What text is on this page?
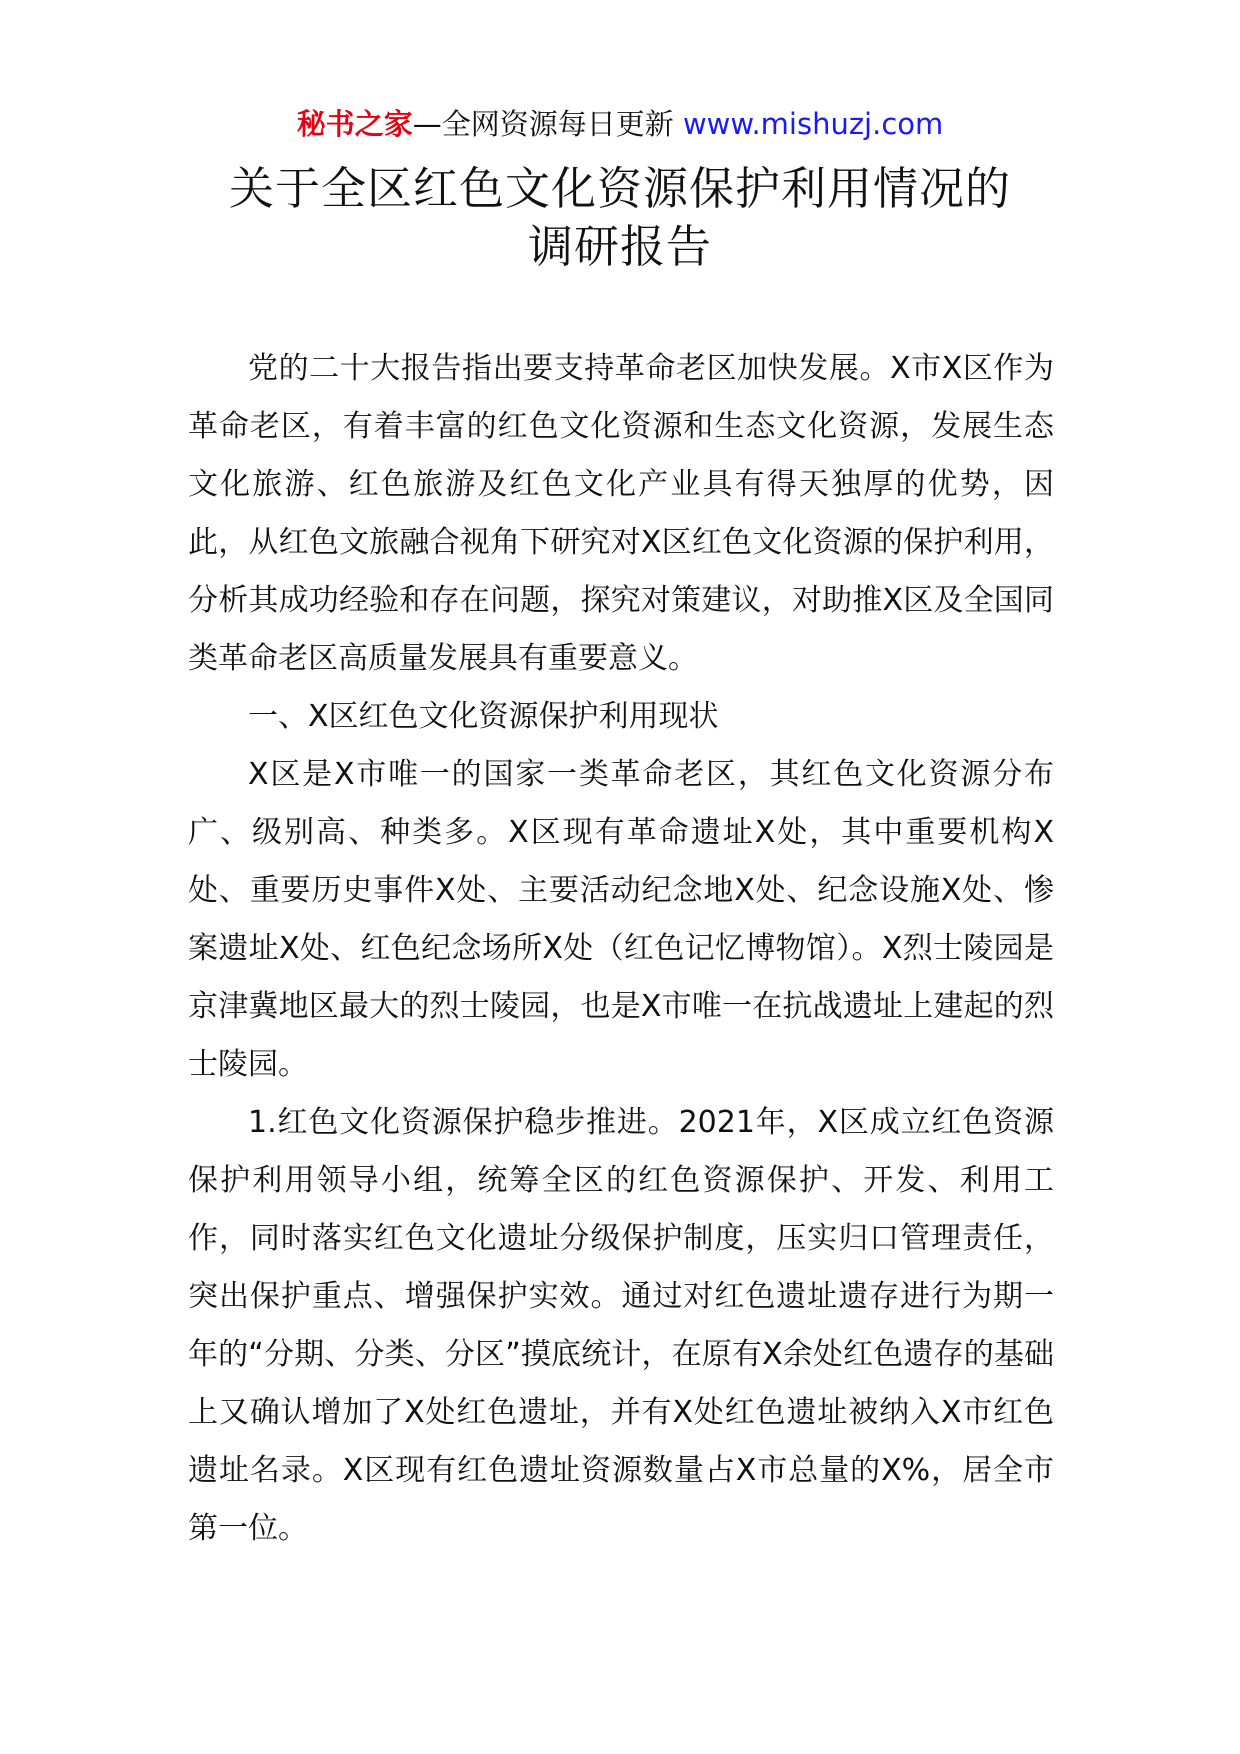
秘书之家—全网资源每日更新 www.mishuzj.com
关于全区红色文化资源保护利用情况的
调研报告

党的二十大报告指出要支持革命老区加快发展。X市X区作为革命老区，有着丰富的红色文化资源和生态文化资源，发展生态文化旅游、红色旅游及红色文化产业具有得天独厚的优势，因此，从红色文旅融合视角下研究对X区红色文化资源的保护利用，分析其成功经验和存在问题，探究对策建议，对助推X区及全国同类革命老区高质量发展具有重要意义。

一、X区红色文化资源保护利用现状

X区是X市唯一的国家一类革命老区，其红色文化资源分布广、级别高、种类多。X区现有革命遗址X处，其中重要机构X处、重要历史事件X处、主要活动纪念地X处、纪念设施X处、惨案遗址X处、红色纪念场所X处（红色记忆博物馆）。X烈士陵园是京津冀地区最大的烈士陵园，也是X市唯一在抗战遗址上建起的烈士陵园。

1.红色文化资源保护稳步推进。2021年，X区成立红色资源保护利用领导小组，统筹全区的红色资源保护、开发、利用工作，同时落实红色文化遗址分级保护制度，压实归口管理责任，突出保护重点、增强保护实效。通过对红色遗址遗存进行为期一年的“分期、分类、分区”摸底统计，在原有X余处红色遗存的基础上又确认增加了X处红色遗址，并有X处红色遗址被纳入X市红色遗址名录。X区现有红色遗址资源数量占X市总量的X%，居全市第一位。
